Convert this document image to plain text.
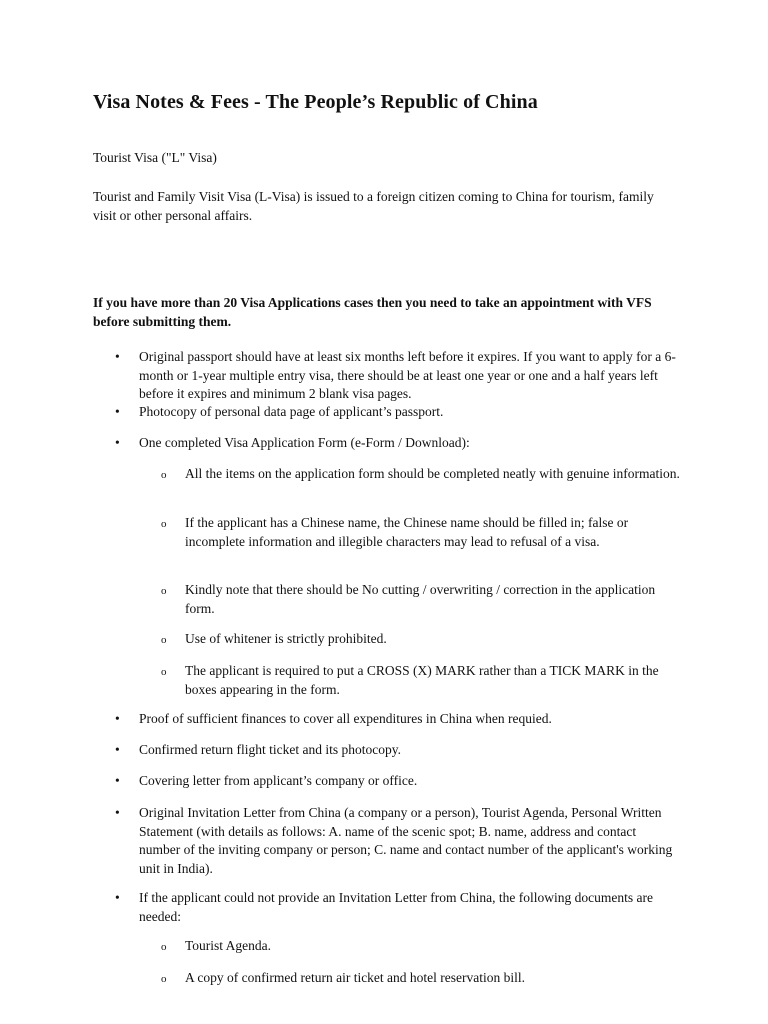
Visa Notes & Fees - The People’s Republic of China

Tourist Visa ("L" Visa)

Tourist and Family Visit Visa (L-Visa) is issued to a foreign citizen coming to China for tourism, family visit or other personal affairs.

If you have more than 20 Visa Applications cases then you need to take an appointment with VFS before submitting them.

• Original passport should have at least six months left before it expires. If you want to apply for a 6-month or 1-year multiple entry visa, there should be at least one year or one and a half years left before it expires and minimum 2 blank visa pages.
• Photocopy of personal data page of applicant’s passport.
• One completed Visa Application Form (e-Form / Download):
o All the items on the application form should be completed neatly with genuine information.
o If the applicant has a Chinese name, the Chinese name should be filled in; false or incomplete information and illegible characters may lead to refusal of a visa.
o Kindly note that there should be No cutting / overwriting / correction in the application form.
o Use of whitener is strictly prohibited.
o The applicant is required to put a CROSS (X) MARK rather than a TICK MARK in the boxes appearing in the form.
• Proof of sufficient finances to cover all expenditures in China when requied.
• Confirmed return flight ticket and its photocopy.
• Covering letter from applicant’s company or office.
• Original Invitation Letter from China (a company or a person), Tourist Agenda, Personal Written Statement (with details as follows: A. name of the scenic spot; B. name, address and contact number of the inviting company or person; C. name and contact number of the applicant's working unit in India).
• If the applicant could not provide an Invitation Letter from China, the following documents are needed:
o Tourist Agenda.
o A copy of confirmed return air ticket and hotel reservation bill.
